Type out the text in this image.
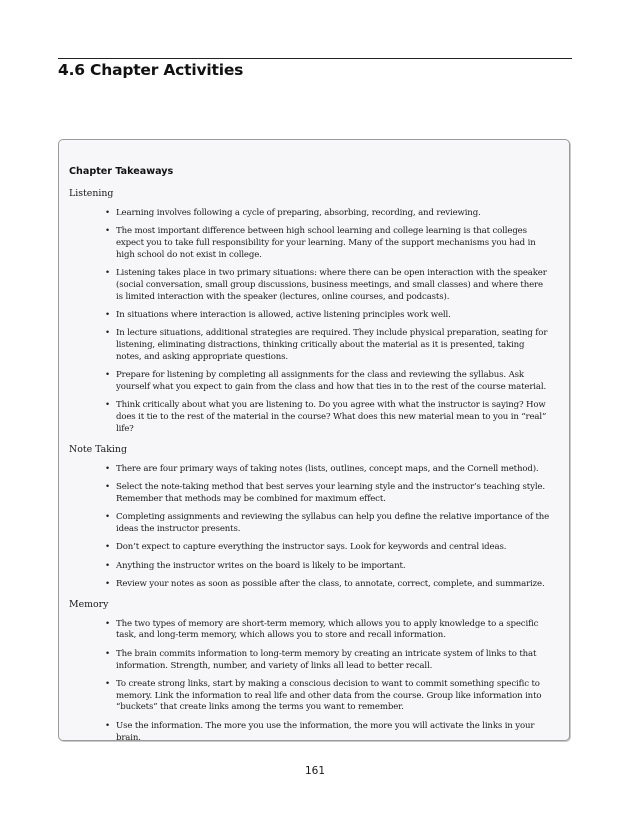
4.6 Chapter Activities

Chapter Takeaways

Listening

• Learning involves following a cycle of preparing, absorbing, recording, and reviewing.
• The most important difference between high school learning and college learning is that colleges expect you to take full responsibility for your learning. Many of the support mechanisms you had in high school do not exist in college.
• Listening takes place in two primary situations: where there can be open interaction with the speaker (social conversation, small group discussions, business meetings, and small classes) and where there is limited interaction with the speaker (lectures, online courses, and podcasts).
• In situations where interaction is allowed, active listening principles work well.
• In lecture situations, additional strategies are required. They include physical preparation, seating for listening, eliminating distractions, thinking critically about the material as it is presented, taking notes, and asking appropriate questions.
• Prepare for listening by completing all assignments for the class and reviewing the syllabus. Ask yourself what you expect to gain from the class and how that ties in to the rest of the course material.
• Think critically about what you are listening to. Do you agree with what the instructor is saying? How does it tie to the rest of the material in the course? What does this new material mean to you in “real” life?

Note Taking

• There are four primary ways of taking notes (lists, outlines, concept maps, and the Cornell method).
• Select the note-taking method that best serves your learning style and the instructor’s teaching style. Remember that methods may be combined for maximum effect.
• Completing assignments and reviewing the syllabus can help you define the relative importance of the ideas the instructor presents.
• Don’t expect to capture everything the instructor says. Look for keywords and central ideas.
• Anything the instructor writes on the board is likely to be important.
• Review your notes as soon as possible after the class, to annotate, correct, complete, and summarize.

Memory

• The two types of memory are short-term memory, which allows you to apply knowledge to a specific task, and long-term memory, which allows you to store and recall information.
• The brain commits information to long-term memory by creating an intricate system of links to that information. Strength, number, and variety of links all lead to better recall.
• To create strong links, start by making a conscious decision to want to commit something specific to memory. Link the information to real life and other data from the course. Group like information into “buckets” that create links among the terms you want to remember.
• Use the information. The more you use the information, the more you will activate the links in your brain.

161
